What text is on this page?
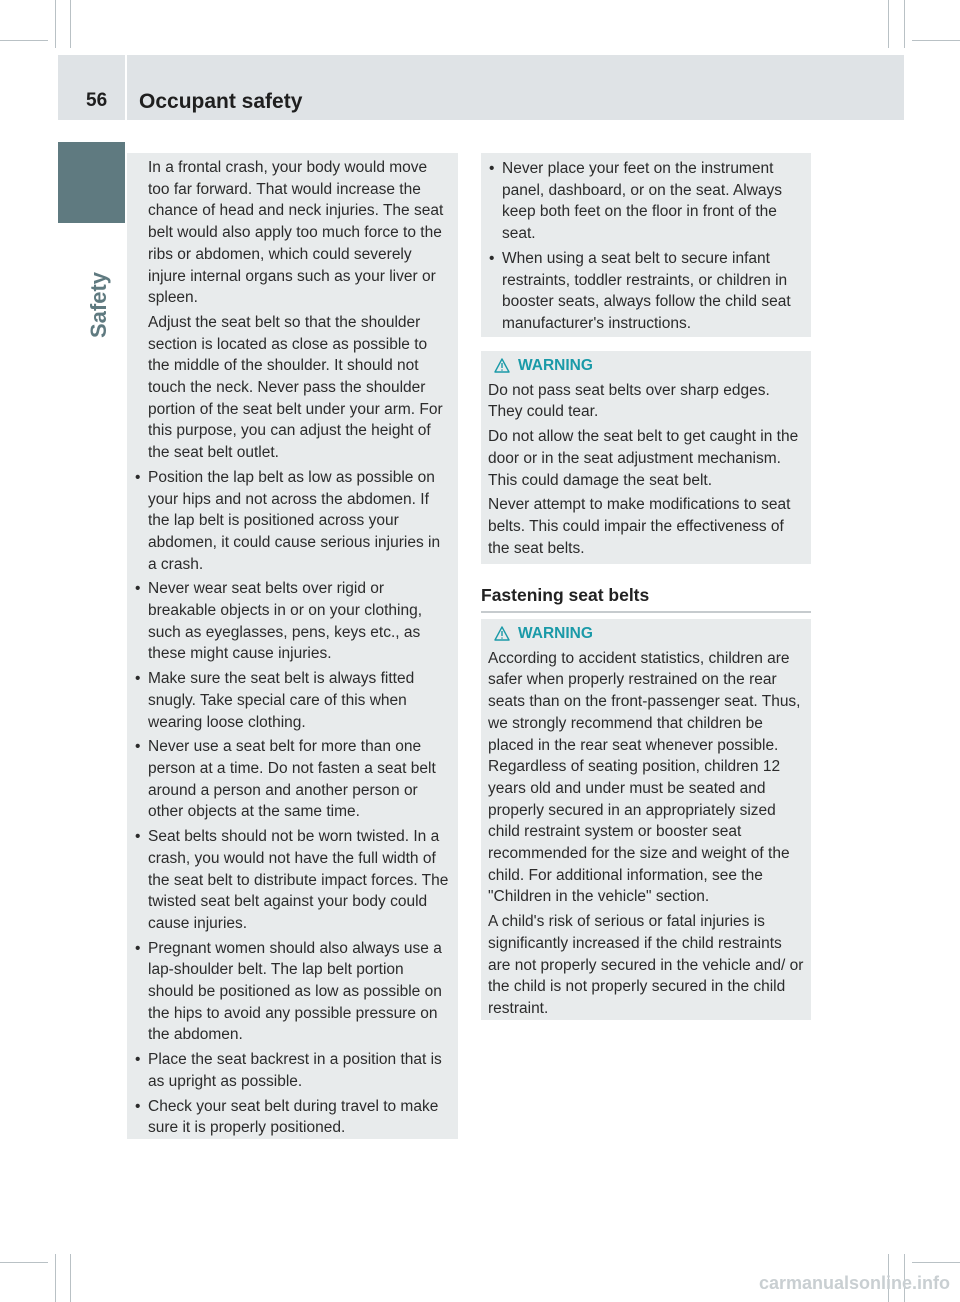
56 Occupant safety
Safety

In a frontal crash, your body would move too far forward. That would increase the chance of head and neck injuries. The seat belt would also apply too much force to the ribs or abdomen, which could severely injure internal organs such as your liver or spleen.

Adjust the seat belt so that the shoulder section is located as close as possible to the middle of the shoulder. It should not touch the neck. Never pass the shoulder portion of the seat belt under your arm. For this purpose, you can adjust the height of the seat belt outlet.

• Position the lap belt as low as possible on your hips and not across the abdomen. If the lap belt is positioned across your abdomen, it could cause serious injuries in a crash.
• Never wear seat belts over rigid or breakable objects in or on your clothing, such as eyeglasses, pens, keys etc., as these might cause injuries.
• Make sure the seat belt is always fitted snugly. Take special care of this when wearing loose clothing.
• Never use a seat belt for more than one person at a time. Do not fasten a seat belt around a person and another person or other objects at the same time.
• Seat belts should not be worn twisted. In a crash, you would not have the full width of the seat belt to distribute impact forces. The twisted seat belt against your body could cause injuries.
• Pregnant women should also always use a lap-shoulder belt. The lap belt portion should be positioned as low as possible on the hips to avoid any possible pressure on the abdomen.
• Place the seat backrest in a position that is as upright as possible.
• Check your seat belt during travel to make sure it is properly positioned.
• Never place your feet on the instrument panel, dashboard, or on the seat. Always keep both feet on the floor in front of the seat.
• When using a seat belt to secure infant restraints, toddler restraints, or children in booster seats, always follow the child seat manufacturer's instructions.
WARNING

Do not pass seat belts over sharp edges. They could tear.

Do not allow the seat belt to get caught in the door or in the seat adjustment mechanism. This could damage the seat belt.

Never attempt to make modifications to seat belts. This could impair the effectiveness of the seat belts.

Fastening seat belts
WARNING

According to accident statistics, children are safer when properly restrained on the rear seats than on the front-passenger seat. Thus, we strongly recommend that children be placed in the rear seat whenever possible. Regardless of seating position, children 12 years old and under must be seated and properly secured in an appropriately sized child restraint system or booster seat recommended for the size and weight of the child. For additional information, see the "Children in the vehicle" section.

A child's risk of serious or fatal injuries is significantly increased if the child restraints are not properly secured in the vehicle and/ or the child is not properly secured in the child restraint.

carmanualsonline.info
